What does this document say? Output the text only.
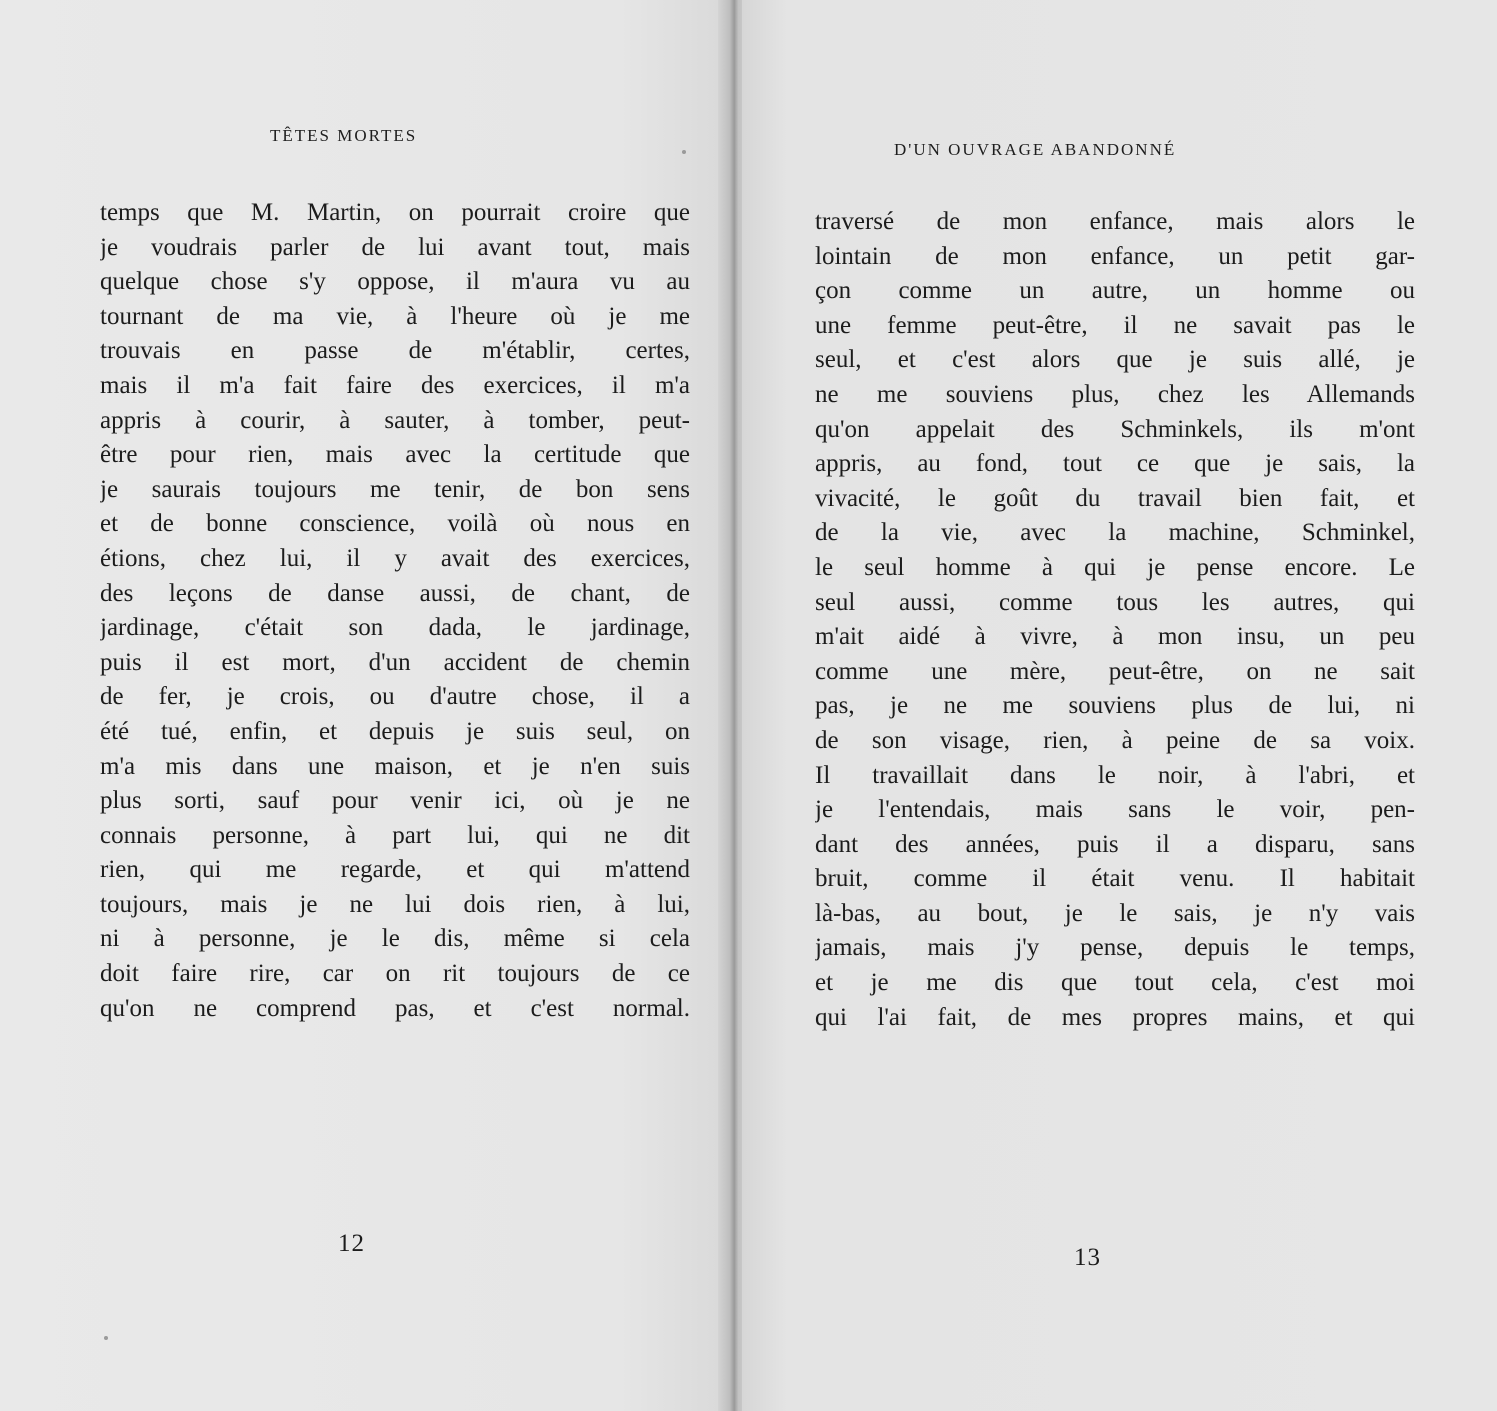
TÊTES MORTES
temps que M. Martin, on pourrait croire que
je voudrais parler de lui avant tout, mais
quelque chose s'y oppose, il m'aura vu au
tournant de ma vie, à l'heure où je me
trouvais en passe de m'établir, certes,
mais il m'a fait faire des exercices, il m'a
appris à courir, à sauter, à tomber, peut-
être pour rien, mais avec la certitude que
je saurais toujours me tenir, de bon sens
et de bonne conscience, voilà où nous en
étions, chez lui, il y avait des exercices,
des leçons de danse aussi, de chant, de
jardinage, c'était son dada, le jardinage,
puis il est mort, d'un accident de chemin
de fer, je crois, ou d'autre chose, il a
été tué, enfin, et depuis je suis seul, on
m'a mis dans une maison, et je n'en suis
plus sorti, sauf pour venir ici, où je ne
connais personne, à part lui, qui ne dit
rien, qui me regarde, et qui m'attend
toujours, mais je ne lui dois rien, à lui,
ni à personne, je le dis, même si cela
doit faire rire, car on rit toujours de ce
qu'on ne comprend pas, et c'est normal.
12
D'UN OUVRAGE ABANDONNÉ
traversé de mon enfance, mais alors le
lointain de mon enfance, un petit gar-
çon comme un autre, un homme ou
une femme peut-être, il ne savait pas le
seul, et c'est alors que je suis allé, je
ne me souviens plus, chez les Allemands
qu'on appelait des Schminkels, ils m'ont
appris, au fond, tout ce que je sais, la
vivacité, le goût du travail bien fait, et
de la vie, avec la machine, Schminkel,
le seul homme à qui je pense encore. Le
seul aussi, comme tous les autres, qui
m'ait aidé à vivre, à mon insu, un peu
comme une mère, peut-être, on ne sait
pas, je ne me souviens plus de lui, ni
de son visage, rien, à peine de sa voix.
Il travaillait dans le noir, à l'abri, et
je l'entendais, mais sans le voir, pen-
dant des années, puis il a disparu, sans
bruit, comme il était venu. Il habitait
là-bas, au bout, je le sais, je n'y vais
jamais, mais j'y pense, depuis le temps,
et je me dis que tout cela, c'est moi
qui l'ai fait, de mes propres mains, et qui
13
